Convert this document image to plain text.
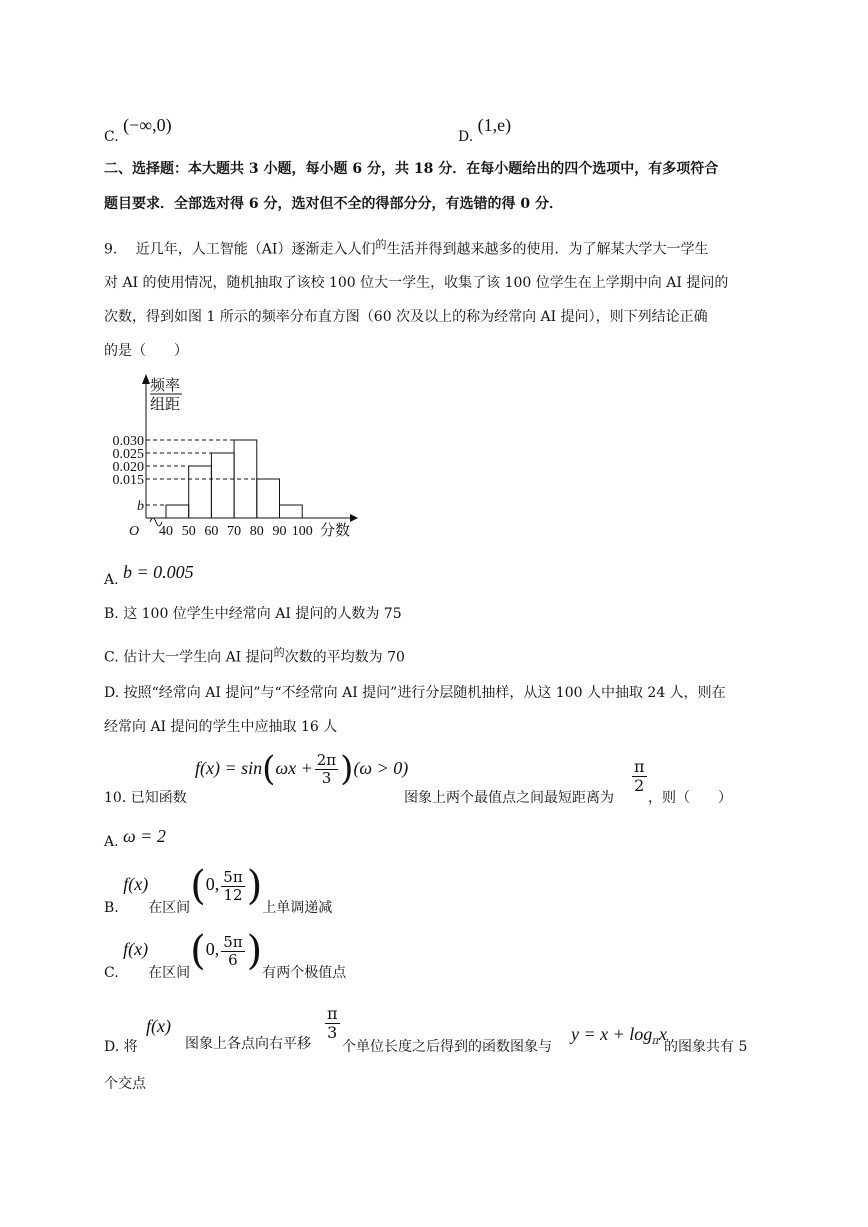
C. (−∞,0)
D. (1,e)
二、选择题：本大题共 3 小题，每小题 6 分，共 18 分．在每小题给出的四个选项中，有多项符合
题目要求．全部选对得 6 分，选对但不全的得部分分，有选错的得 0 分．
9.　 近几年，人工智能（AI）逐渐走入人们$^的$生活并得到越来越多的使用．为了解某大学大一学生
对 AI 的使用情况，随机抽取了该校 100 位大一学生，收集了该 100 位学生在上学期中向 AI 提问的
次数，得到如图 1 所示的频率分布直方图（60 次及以上的称为经常向 AI 提问），则下列结论正确
的是（　　）
0.030
0.025
0.020
0.015
b
40 50 60 70 80 90 100
O
频率
组距
分数
A. b = 0.005
B. 这 100 位学生中经常向 AI 提问的人数为 75
C. 估计大一学生向 AI 提问$^的$次数的平均数为 70
D. 按照“经常向 AI 提问”与“不经常向 AI 提问”进行分层随机抽样，从这 100 人中抽取 24 人，则在
经常向 AI 提问的学生中应抽取 16 人
10. 已知函数
$f(x) = \sin(\omega x + \frac{2\pi}{3} )(\omega > 0)$
图象上两个最值点之间最短距离为
$\frac{\pi}{2}$
，则（　　）
A. ω = 2
B. f(x)在区间(0, $\frac{5\pi}{12}$ )上单调递减
C. f(x)在区间(0, $\frac{5\pi}{6}$ )有两个极值点
D. 将
f(x)
图象上各点向右平移
$\frac{\pi}{3}$
个单位长度之后得到的函数图象与
$y = x + \log_\pi x$
的图象共有 5
个交点
